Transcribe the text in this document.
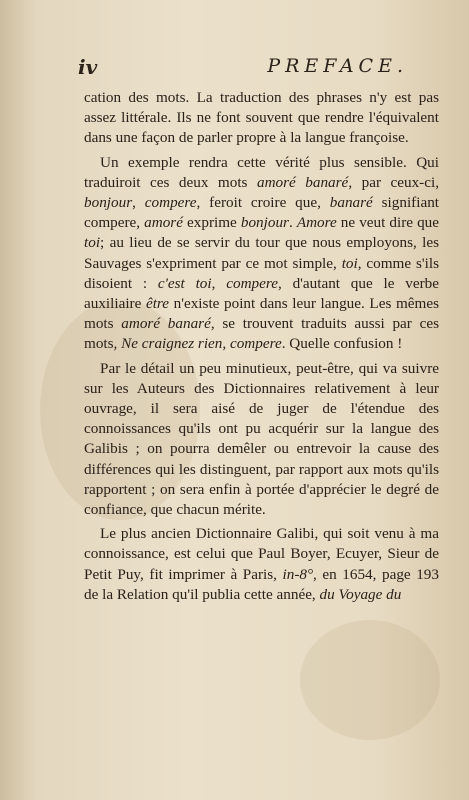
iv	PREFACE.

cation des mots. La traduction des phrases n'y est pas assez littérale. Ils ne font souvent que rendre l'équivalent dans une façon de parler propre à la langue françoise.

Un exemple rendra cette vérité plus sensible. Qui traduiroit ces deux mots amoré banaré, par ceux-ci, bonjour, compere, feroit croire que, banaré signifiant compere, amoré exprime bonjour. Amore ne veut dire que toi; au lieu de se servir du tour que nous employons, les Sauvages s'expriment par ce mot simple, toi, comme s'ils disoient : c'est toi, compere, d'autant que le verbe auxiliaire être n'existe point dans leur langue. Les mêmes mots amoré banaré, se trouvent traduits aussi par ces mots, Ne craignez rien, compere. Quelle confusion !

Par le détail un peu minutieux, peut-être, qui va suivre sur les Auteurs des Dictionnaires relativement à leur ouvrage, il sera aisé de juger de l'étendue des connoissances qu'ils ont pu acquérir sur la langue des Galibis ; on pourra demêler ou entrevoir la cause des différences qui les distinguent, par rapport aux mots qu'ils rapportent ; on sera enfin à portée d'apprécier le degré de confiance, que chacun mérite.

Le plus ancien Dictionnaire Galibi, qui soit venu à ma connoissance, est celui que Paul Boyer, Ecuyer, Sieur de Petit Puy, fit imprimer à Paris, in-8°, en 1654, page 193 de la Relation qu'il publia cette année, du Voyage du
